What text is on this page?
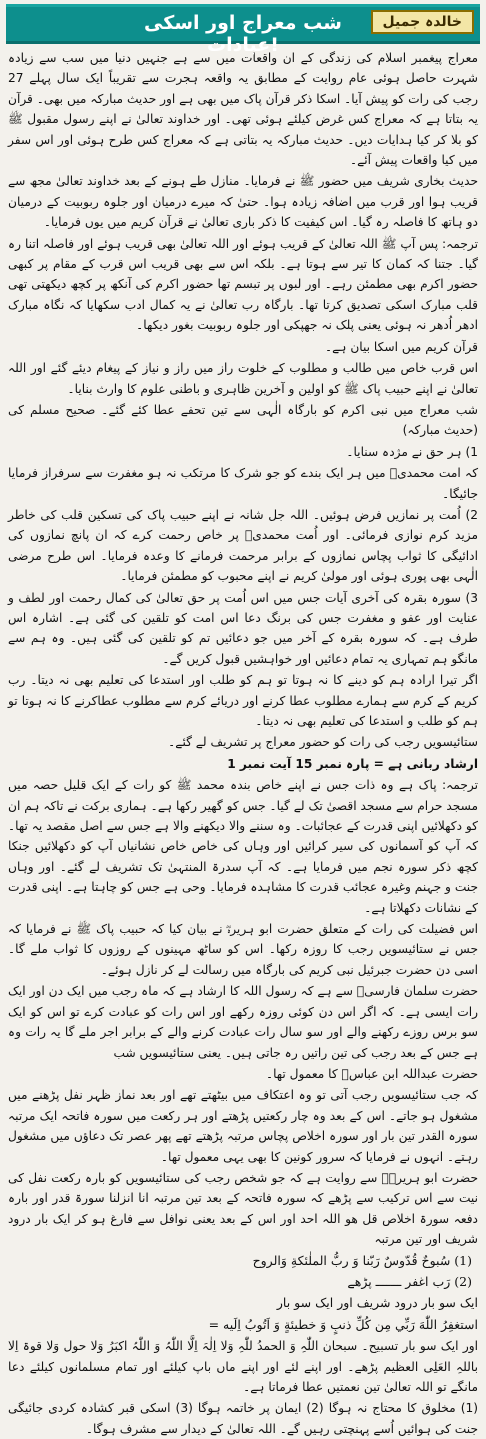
خالدہ جمیل
شب معراج اور اسکی عبادات!

معراج پیغمبر اسلام کی زندگی کے ان واقعات میں سے ہے جنہیں دنیا میں سب سے زیادہ شہرت حاصل ہوئی عام روایت کے مطابق یہ واقعہ ہجرت سے تقریباً ایک سال پہلے 27 رجب کی رات کو پیش آیا۔ اسکا ذکر قرآن پاک میں بھی ہے اور حدیث مبارکہ میں بھی۔ قرآن یہ بتاتا ہے کہ معراج کس غرض کیلئے ہوئی تھی۔ اور خداوند تعالیٰ نے اپنے رسول مقبول ﷺ کو بلا کر کیا ہدایات دیں۔ حدیث مبارکہ یہ بتاتی ہے کہ معراج کس طرح ہوئی اور اس سفر میں کیا واقعات پیش آئے۔

حدیث بخاری شریف میں حضور ﷺ نے فرمایا۔ منازل طے ہونے کے بعد خداوند تعالیٰ مجھ سے قریب ہوا اور قرب میں اضافہ زیادہ ہوا۔ حتیٰ کہ میرے درمیان اور جلوہ ربوبیت کے درمیان دو ہاتھ کا فاصلہ رہ گیا۔ اس کیفیت کا ذکر باری تعالیٰ نے قرآن کریم میں یوں فرمایا۔

ترجمہ: پس آپ ﷺ اللہ تعالیٰ کے قریب ہوئے اور اللہ تعالیٰ بھی قریب ہوئے اور فاصلہ اتنا رہ گیا۔ جتنا کہ کمان کا تیر سے ہوتا ہے۔ بلکہ اس سے بھی قریب اس قرب کے مقام پر کبھی حضور اکرم بھی مطمئن رہے۔ اور لبوں پر تبسم تھا حضور اکرم کی آنکھ پر کچھ دیکھتی تھی قلب مبارک اسکی تصدیق کرتا تھا۔ بارگاہ رب تعالیٰ نے یہ کمال ادب سکھایا کہ نگاہ مبارک ادھر اُدھر نہ ہوئی یعنی پلک نہ جھپکی اور جلوہ ربوبیت بغور دیکھا۔

قرآن کریم میں اسکا بیان ہے۔

اس قرب خاص میں طالب و مطلوب کے خلوت راز میں راز و نیاز کے پیغام دیئے گئے اور اللہ تعالیٰ نے اپنے حبیب پاک ﷺ کو اولین و آخرین ظاہری و باطنی علوم کا وارث بنایا۔

شب معراج میں نبی اکرم کو بارگاہ الٰہی سے تین تحفے عطا کئے گئے۔ صحیح مسلم کی (حدیث مبارکہ)

1) ہر حق نے مژدہ سنایا۔

کہ امت محمدیؐ میں ہر ایک بندے کو جو شرک کا مرتکب نہ ہو مغفرت سے سرفراز فرمایا جائیگا۔

2) اُمت پر نمازیں فرض ہوئیں۔ اللہ جل شانہ نے اپنے حبیب پاک کی تسکین قلب کی خاطر مزید کرم نوازی فرمائی۔ اور اُمت محمدیؐ پر خاص رحمت کرے کہ ان پانچ نمازوں کی ادائیگی کا ثواب پچاس نمازوں کے برابر مرحمت فرمانے کا وعدہ فرمایا۔ اس طرح مرضی الٰہی بھی پوری ہوئی اور مولیٰ کریم نے اپنے محبوب کو مطمئن فرمایا۔

3) سورہ بقرہ کی آخری آیات جس میں اس اُمت پر حق تعالیٰ کی کمال رحمت اور لطف و عنایت اور عفو و مغفرت جس کی برنگ دعا اس امت کو تلقین کی گئی ہے۔ اشارہ اس طرف ہے۔ کہ سورہ بقرہ کے آخر میں جو دعائیں تم کو تلقین کی گئی ہیں۔ وہ ہم سے مانگو ہم تمہاری یہ تمام دعائیں اور خواہشیں قبول کریں گے۔

اگر تیرا ارادہ ہم کو دینے کا نہ ہوتا تو ہم کو طلب اور استدعا کی تعلیم بھی نہ دیتا۔ رب کریم کے کرم سے ہمارے مطلوب عطا کرنے اور دریائے کرم سے مطلوب عطاکرنے کا نہ ہوتا تو ہم کو طلب و استدعا کی تعلیم بھی نہ دیتا۔

ستائیسویں رجب کی رات کو حضور معراج پر تشریف لے گئے۔

ارشاد ربانی ہے = پارہ نمبر 15 آیت نمبر 1

ترجمہ: پاک ہے وہ ذات جس نے اپنے خاص بندہ محمد ﷺ کو رات کے ایک قلیل حصہ میں مسجد حرام سے مسجد اقصیٰ تک لے گیا۔ جس کو گھیر رکھا ہے۔ ہماری برکت نے تاکہ ہم ان کو دکھلائیں اپنی قدرت کے عجائبات۔ وہ سننے والا دیکھنے والا ہے جس سے اصل مقصد یہ تھا۔ کہ آپ کو آسمانوں کی سیر کرائیں اور وہاں کی خاص خاص نشانیاں آپ کو دکھلائیں جنکا کچھ ذکر سورہ نجم میں فرمایا ہے۔ کہ آپ سدرۃ المنتہیٰ تک تشریف لے گئے۔ اور وہاں جنت و جہنم وغیرہ عجائب قدرت کا مشاہدہ فرمایا۔ وحی ہے جس کو چاہتا ہے۔ اپنی قدرت کے نشانات دکھلاتا ہے۔

اس فضیلت کی رات کے متعلق حضرت ابو ہریرہؓ نے بیان کیا کہ حبیب پاک ﷺ نے فرمایا کہ جس نے ستائیسویں رجب کا روزہ رکھا۔ اس کو ساٹھ مہینوں کے روزوں کا ثواب ملے گا۔ اسی دن حضرت جبرئیل نبی کریم کی بارگاہ میں رسالت لے کر نازل ہوئے۔

حضرت سلمان فارسیؓ سے ہے کہ رسول اللہ کا ارشاد ہے کہ ماہ رجب میں ایک دن اور ایک رات ایسی ہے۔ کہ اگر اس دن کوئی روزہ رکھے اور اس رات کو عبادت کرے تو اس کو ایک سو برس روزے رکھنے والے اور سو سال رات عبادت کرنے والے کے برابر اجر ملے گا یہ رات وہ ہے جس کے بعد رجب کی تین راتیں رہ جاتی ہیں۔ یعنی ستائیسویں شب

حضرت عبداللہ ابن عباسؓ کا معمول تھا۔

کہ جب ستائیسویں رجب آتی تو وہ اعتکاف میں بیٹھتے تھے اور بعد نماز ظہر نفل پڑھنے میں مشغول ہو جاتے۔ اس کے بعد وہ چار رکعتیں پڑھتے اور ہر رکعت میں سورہ فاتحہ ایک مرتبہ سورہ القدر تین بار اور سورہ اخلاص پچاس مرتبہ پڑھتے تھے پھر عصر تک دعاؤں میں مشغول رہتے۔ انہوں نے فرمایا کہ سرور کونین کا بھی یہی معمول تھا۔

حضرت ابو ہریرہؓ سے روایت ہے کہ جو شخص رجب کی ستائیسویں کو بارہ رکعت نفل کی نیت سے اس ترکیب سے پڑھے کہ سورہ فاتحہ کے بعد تین مرتبہ انا انزلنا سورۃ قدر اور بارہ دفعہ سورۃ اخلاص قل ھو اللہ احد اور اس کے بعد یعنی نوافل سے فارغ ہو کر ایک بار درود شریف اور تین مرتبہ

(1) سُبوحٌ قُدّوسٌ رَبّنا وَ ربُّ الملٰئكةِ وَالروح

(2) رَب اغفر ـــــــ پڑھے

ایک سو بار درود شریف اور ایک سو بار

استغفِرُ اللّٰهَ رَبِّي مِن كُلِّ ذنبٍ وَ خطيئةٍ وَ اَتُوبُ اِلَيه =

اور ایک سو بار تسبیح۔ سبحان اللّٰہِ وَ الحمدُ للّٰہِ وَلا اِلٰہَ اِلَّا اللّٰہُ وَ اللّٰہُ اکبَرُ وَلا حول وَلا قوۃ اِلا باللہِ العَلِی العظیم پڑھے۔ اور اپنے لئے اور اپنے ماں باپ کیلئے اور تمام مسلمانوں کیلئے دعا مانگے تو اللہ تعالیٰ تین نعمتیں عطا فرماتا ہے۔

(1) مخلوق کا محتاج نہ ہوگا (2) ایمان پر خاتمہ ہوگا (3) اسکی قبر کشادہ کردی جائیگی جنت کی ہوائیں اُسے پہنچتی رہیں گے۔ اللہ تعالیٰ کے دیدار سے مشرف ہوگا۔
